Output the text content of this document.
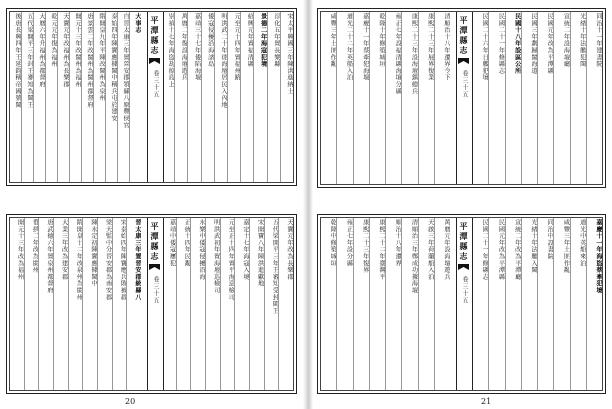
大事志
自晉太康三年置晉安郡領縣八原豐侯官
泰始四年陳寶應據閩中稱兵屯於建安
隋開皇九年平陳改閩州為泉州
唐景雲二年改閩州為閩州都督府
開元十三年改閩州為福州
天寶元年改福州為長樂郡
乾元元年復為福州
大曆六年升福州為都督府
五代梁開平三年封王審知為閩王
後唐長興四年王延鈞稱帝國號閩	平潭縣志
卷三十五	宋太平興國三年陳洪進納土
淳化五年置長樂縣
景德二年海寇犯境
紹興元年置福清縣
元至元十四年置福州路
明洪武二十年徙海壇居民入內地
倭寇侵擾沿海諸島
嘉靖三十七年倭陷海壇
萬曆二年復設海壇遊兵
崇禎十七年海盜劫掠島上
晉太康三年置晉安郡統縣八
宋泰始四年陳寶應兵敗被殺
梁天監中分晉安郡為南安郡
陳永定初陳寶應據閩中
隋開皇十二年改泉州為閩州
大業三年改為建安郡
唐武德六年置泉州都督府
垂拱二年改為閩州
開元十三年改為福州	平潭縣志
卷三十五
天寶元年改為長樂郡
五代梁開平三年王審知受封閩王
宋開寶八年陳洪進獻地
嘉定十七年海寇入境
元至正十四年置平海巡檢司
明洪武初年置海壇巡檢司
永樂中倭寇侵擾沿海
正統十四年民亂
嘉靖中倭寇屢犯
20
清順治十八年遷界令下
康熙二十三年展界復業
康熙二十三年設海壇鎮總兵
雍正七年設福清縣海壇分縣
乾隆十年修築城垣
嘉慶十一年蔡牽犯海壇
道光二十二年英船入泊
咸豐三年土匪作亂	平潭縣志
卷三十五
同治十一年建書院
光緒十年法艦犯閩
宣統二年設海壇廳
民國元年改為平潭縣
民國三年劃歸閩海道
民國十八年設區公所
民國二十一年修縣志
民國二十六年日艦犯境
萬曆元年設海壇遊兵
天啟三年荷蘭船入泊
清順治三年鄭成功據海壇
順治十八年遷界
康熙二十二年臺灣平
康熙二十三年復界
雍正七年設分縣
乾隆中修築城垣	平潭縣志
卷三十五	嘉慶十一年海盜蔡牽犯境
道光中英船來泊
咸豐三年土匪作亂
同治中設書院
光緒十年法艦入閩
宣統二年改為平潭廳
民國元年改為平潭縣
民國二十一年修縣志
21
